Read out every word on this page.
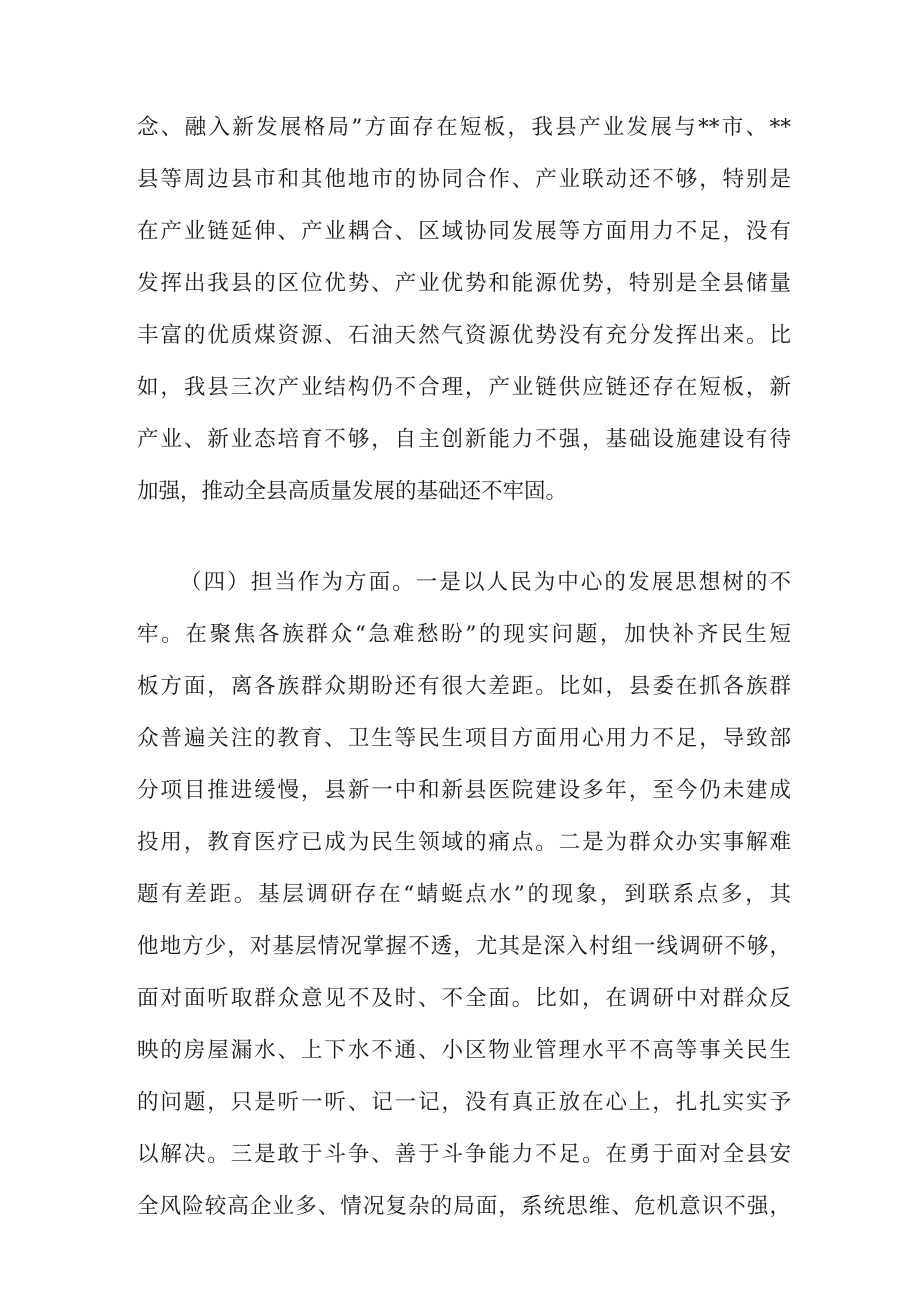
念、融入新发展格局”方面存在短板，我县产业发展与**市、**
县等周边县市和其他地市的协同合作、产业联动还不够，特别是
在产业链延伸、产业耦合、区域协同发展等方面用力不足，没有
发挥出我县的区位优势、产业优势和能源优势，特别是全县储量
丰富的优质煤资源、石油天然气资源优势没有充分发挥出来。比
如，我县三次产业结构仍不合理，产业链供应链还存在短板，新
产业、新业态培育不够，自主创新能力不强，基础设施建设有待
加强，推动全县高质量发展的基础还不牢固。
（四）担当作为方面。一是以人民为中心的发展思想树的不
牢。在聚焦各族群众“急难愁盼”的现实问题，加快补齐民生短
板方面，离各族群众期盼还有很大差距。比如，县委在抓各族群
众普遍关注的教育、卫生等民生项目方面用心用力不足，导致部
分项目推进缓慢，县新一中和新县医院建设多年，至今仍未建成
投用，教育医疗已成为民生领域的痛点。二是为群众办实事解难
题有差距。基层调研存在“蜻蜓点水”的现象，到联系点多，其
他地方少，对基层情况掌握不透，尤其是深入村组一线调研不够，
面对面听取群众意见不及时、不全面。比如，在调研中对群众反
映的房屋漏水、上下水不通、小区物业管理水平不高等事关民生
的问题，只是听一听、记一记，没有真正放在心上，扎扎实实予
以解决。三是敢于斗争、善于斗争能力不足。在勇于面对全县安
全风险较高企业多、情况复杂的局面，系统思维、危机意识不强，
